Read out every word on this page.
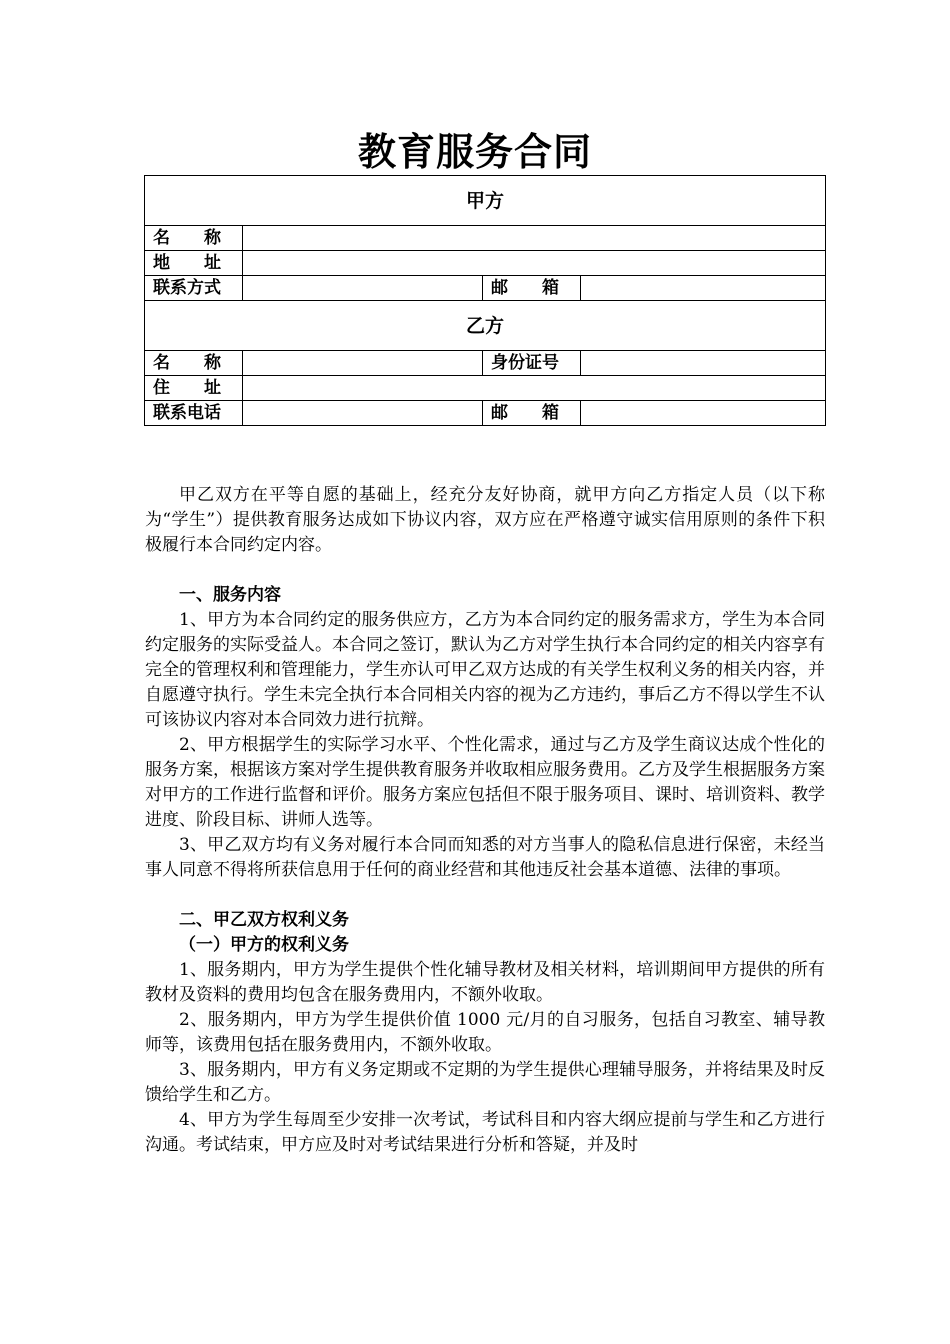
教育服务合同
甲方			

名 称			

地 址			

联系方式		邮 箱	

乙方			

名 称		身份证号	

住 址			

联系电话		邮 箱	

甲乙双方在平等自愿的基础上，经充分友好协商，就甲方向乙方指定人员（以下称为“学生”）提供教育服务达成如下协议内容，双方应在严格遵守诚实信用原则的条件下积极履行本合同约定内容。

一、服务内容

1、甲方为本合同约定的服务供应方，乙方为本合同约定的服务需求方，学生为本合同约定服务的实际受益人。本合同之签订，默认为乙方对学生执行本合同约定的相关内容享有完全的管理权利和管理能力，学生亦认可甲乙双方达成的有关学生权利义务的相关内容，并自愿遵守执行。学生未完全执行本合同相关内容的视为乙方违约，事后乙方不得以学生不认可该协议内容对本合同效力进行抗辩。

2、甲方根据学生的实际学习水平、个性化需求，通过与乙方及学生商议达成个性化的服务方案，根据该方案对学生提供教育服务并收取相应服务费用。乙方及学生根据服务方案对甲方的工作进行监督和评价。服务方案应包括但不限于服务项目、课时、培训资料、教学进度、阶段目标、讲师人选等。

3、甲乙双方均有义务对履行本合同而知悉的对方当事人的隐私信息进行保密，未经当事人同意不得将所获信息用于任何的商业经营和其他违反社会基本道德、法律的事项。

二、甲乙双方权利义务

（一）甲方的权利义务

1、服务期内，甲方为学生提供个性化辅导教材及相关材料，培训期间甲方提供的所有教材及资料的费用均包含在服务费用内，不额外收取。

2、服务期内，甲方为学生提供价值 1000 元/月的自习服务，包括自习教室、辅导教师等，该费用包括在服务费用内，不额外收取。

3、服务期内，甲方有义务定期或不定期的为学生提供心理辅导服务，并将结果及时反馈给学生和乙方。

4、甲方为学生每周至少安排一次考试，考试科目和内容大纲应提前与学生和乙方进行沟通。考试结束，甲方应及时对考试结果进行分析和答疑，并及时
